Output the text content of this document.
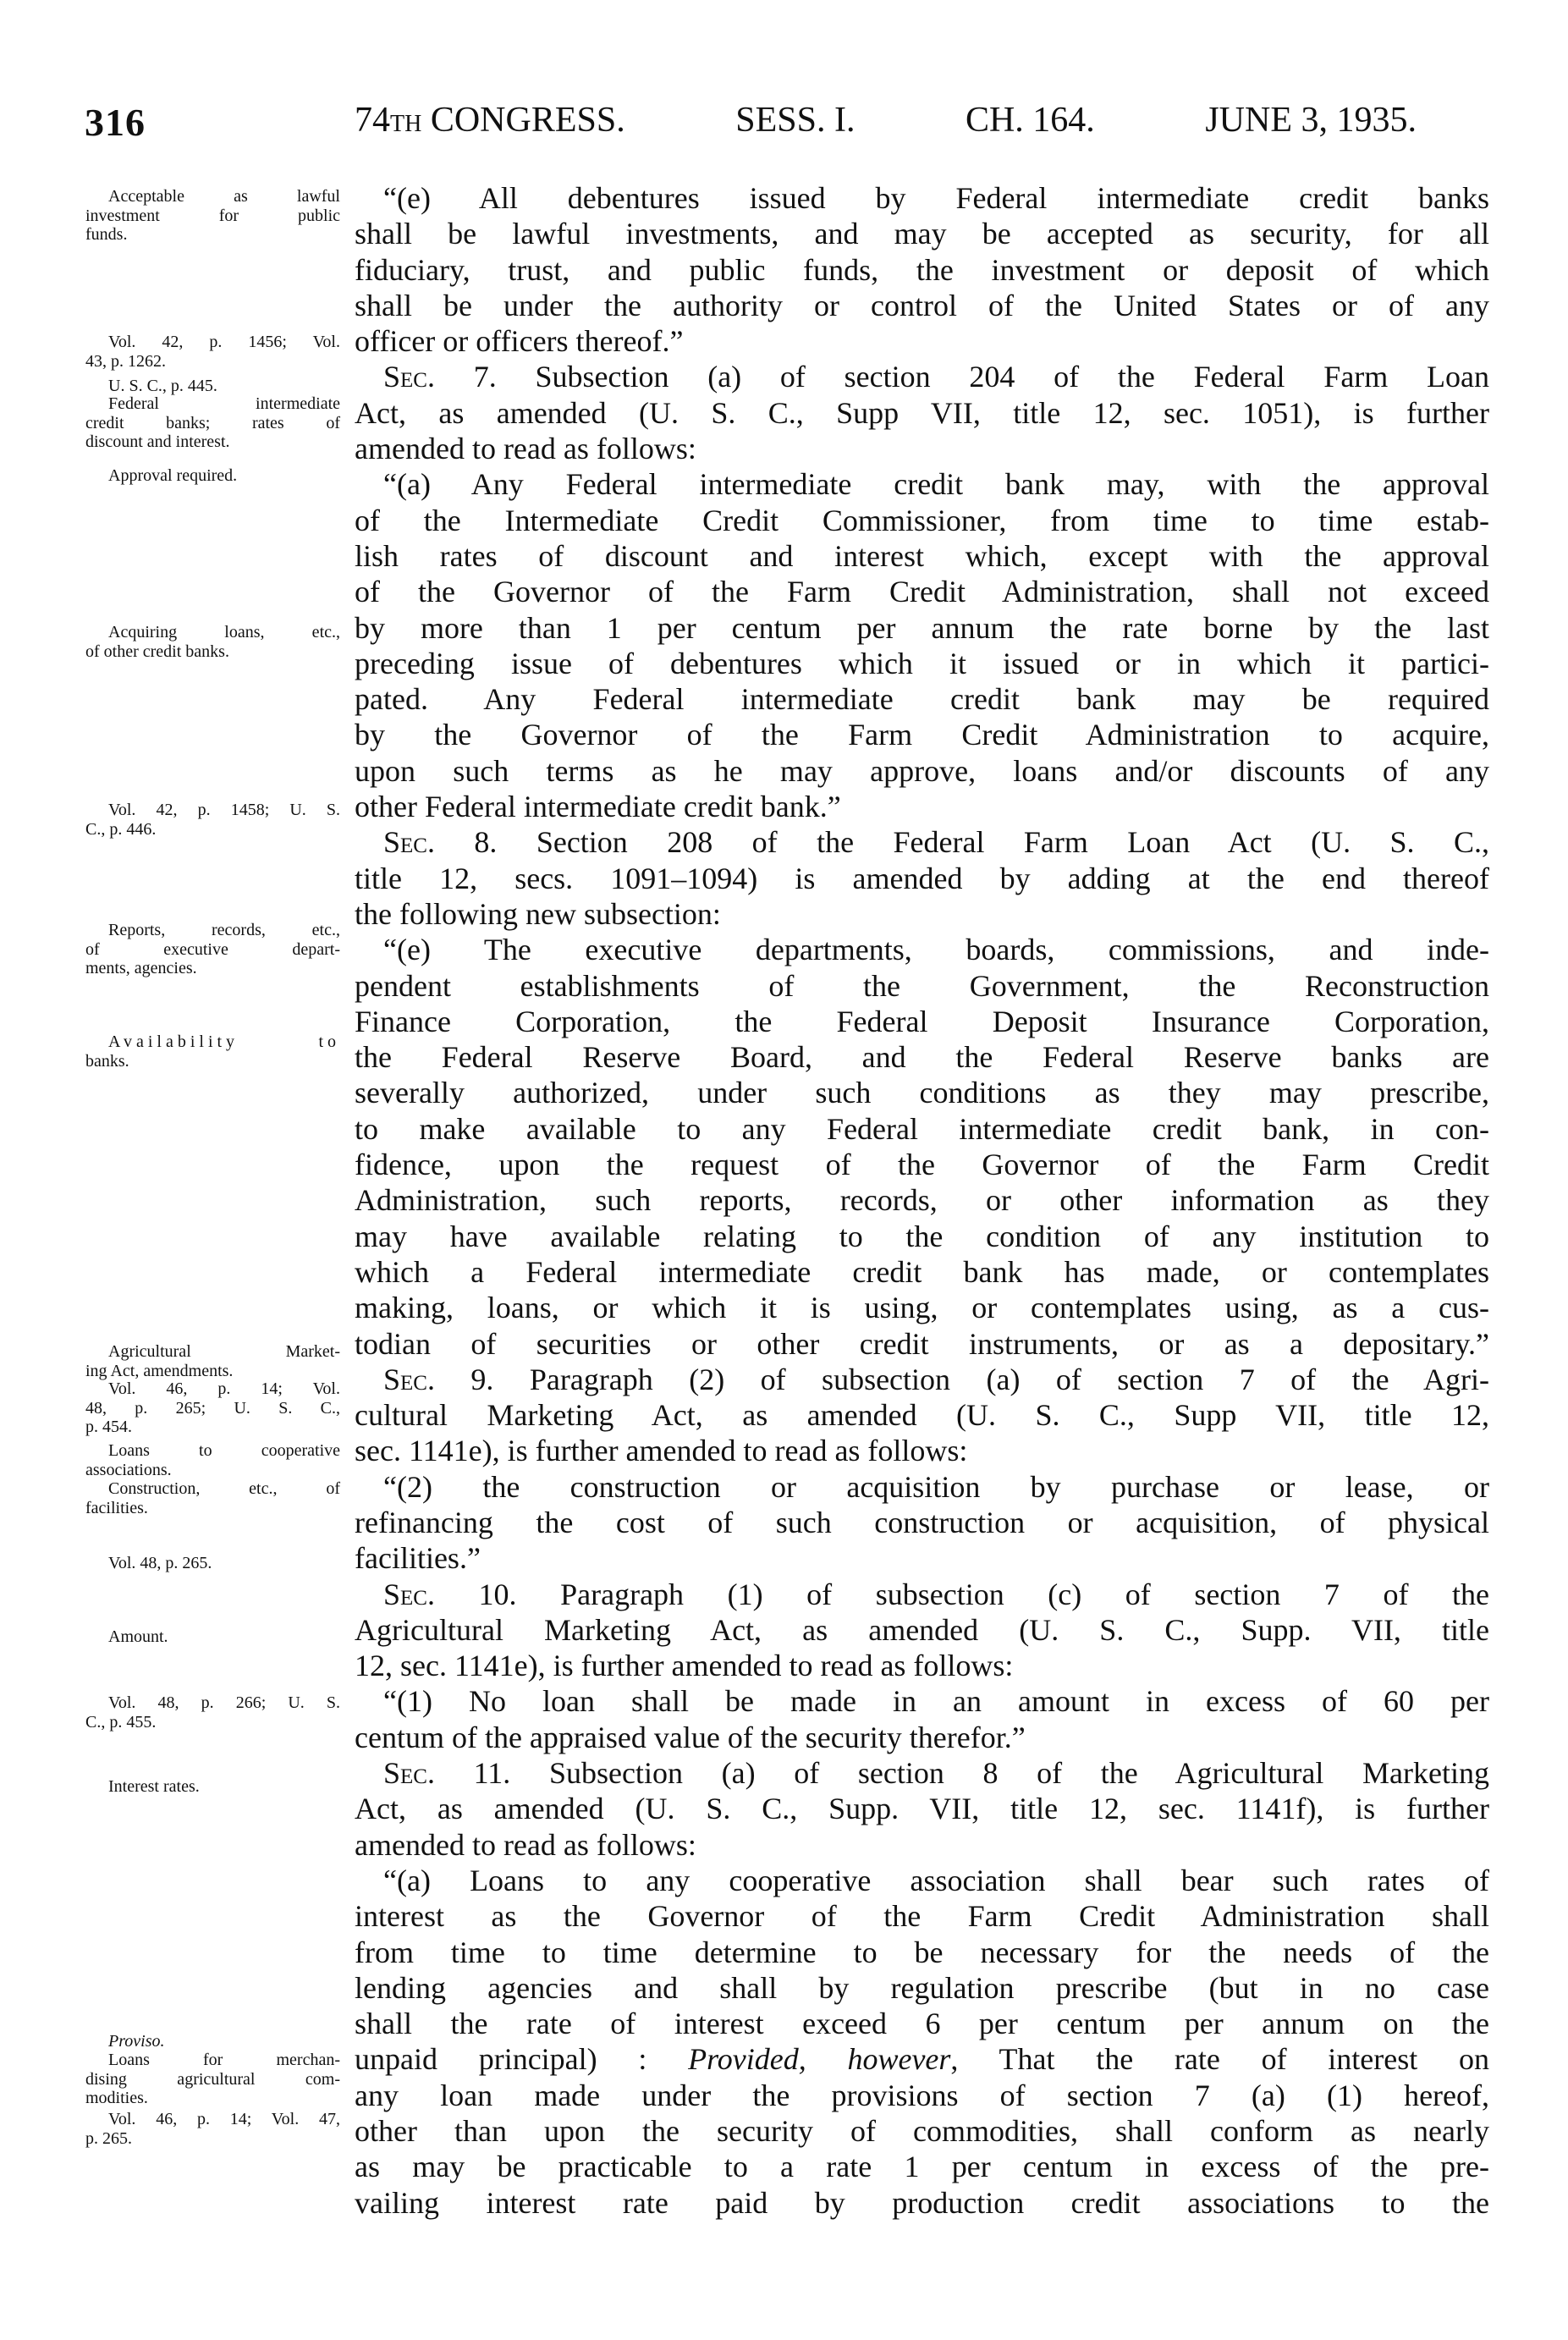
316	74TH CONGRESS.	SESS. I.	CH. 164.	JUNE 3, 1935.
“(e) All debentures issued by Federal intermediate credit banks
shall be lawful investments, and may be accepted as security, for all
fiduciary, trust, and public funds, the investment or deposit of which
shall be under the authority or control of the United States or of any
officer or officers thereof.”
Sec. 7. Subsection (a) of section 204 of the Federal Farm Loan
Act, as amended (U. S. C., Supp VII, title 12, sec. 1051), is further
amended to read as follows:
“(a) Any Federal intermediate credit bank may, with the approval
of the Intermediate Credit Commissioner, from time to time estab-
lish rates of discount and interest which, except with the approval
of the Governor of the Farm Credit Administration, shall not exceed
by more than 1 per centum per annum the rate borne by the last
preceding issue of debentures which it issued or in which it partici-
pated. Any Federal intermediate credit bank may be required
by the Governor of the Farm Credit Administration to acquire,
upon such terms as he may approve, loans and/or discounts of any
other Federal intermediate credit bank.”
Sec. 8. Section 208 of the Federal Farm Loan Act (U. S. C.,
title 12, secs. 1091–1094) is amended by adding at the end thereof
the following new subsection:
“(e) The executive departments, boards, commissions, and inde-
pendent establishments of the Government, the Reconstruction
Finance Corporation, the Federal Deposit Insurance Corporation,
the Federal Reserve Board, and the Federal Reserve banks are
severally authorized, under such conditions as they may prescribe,
to make available to any Federal intermediate credit bank, in con-
fidence, upon the request of the Governor of the Farm Credit
Administration, such reports, records, or other information as they
may have available relating to the condition of any institution to
which a Federal intermediate credit bank has made, or contemplates
making, loans, or which it is using, or contemplates using, as a cus-
todian of securities or other credit instruments, or as a depositary.”
Sec. 9. Paragraph (2) of subsection (a) of section 7 of the Agri-
cultural Marketing Act, as amended (U. S. C., Supp VII, title 12,
sec. 1141e), is further amended to read as follows:
“(2) the construction or acquisition by purchase or lease, or
refinancing the cost of such construction or acquisition, of physical
facilities.”
Sec. 10. Paragraph (1) of subsection (c) of section 7 of the
Agricultural Marketing Act, as amended (U. S. C., Supp. VII, title
12, sec. 1141e), is further amended to read as follows:
“(1) No loan shall be made in an amount in excess of 60 per
centum of the appraised value of the security therefor.”
Sec. 11. Subsection (a) of section 8 of the Agricultural Marketing
Act, as amended (U. S. C., Supp. VII, title 12, sec. 1141f), is further
amended to read as follows:
“(a) Loans to any cooperative association shall bear such rates of
interest as the Governor of the Farm Credit Administration shall
from time to time determine to be necessary for the needs of the
lending agencies and shall by regulation prescribe (but in no case
shall the rate of interest exceed 6 per centum per annum on the
unpaid principal) : Provided, however, That the rate of interest on
any loan made under the provisions of section 7 (a) (1) hereof,
other than upon the security of commodities, shall conform as nearly
as may be practicable to a rate 1 per centum in excess of the pre-
vailing interest rate paid by production credit associations to the
Acceptable as lawful
investment for public
funds.
Vol. 42, p. 1456; Vol.
43, p. 1262.
U. S. C., p. 445.
Federal intermediate
credit banks; rates of
discount and interest.
Approval required.
Acquiring loans, etc.,
of other credit banks.
Vol. 42, p. 1458; U. S.
C., p. 446.
Reports, records, etc.,
of executive depart-
ments, agencies.
Availability to
banks.
Agricultural Market-
ing Act, amendments.
Vol. 46, p. 14; Vol.
48, p. 265; U. S. C.,
p. 454.
Loans to cooperative
associations.
Construction, etc., of
facilities.
Vol. 48, p. 265.
Amount.
Vol. 48, p. 266; U. S.
C., p. 455.
Interest rates.
Proviso.
Loans for merchan-
dising agricultural com-
modities.
Vol. 46, p. 14; Vol. 47,
p. 265.
